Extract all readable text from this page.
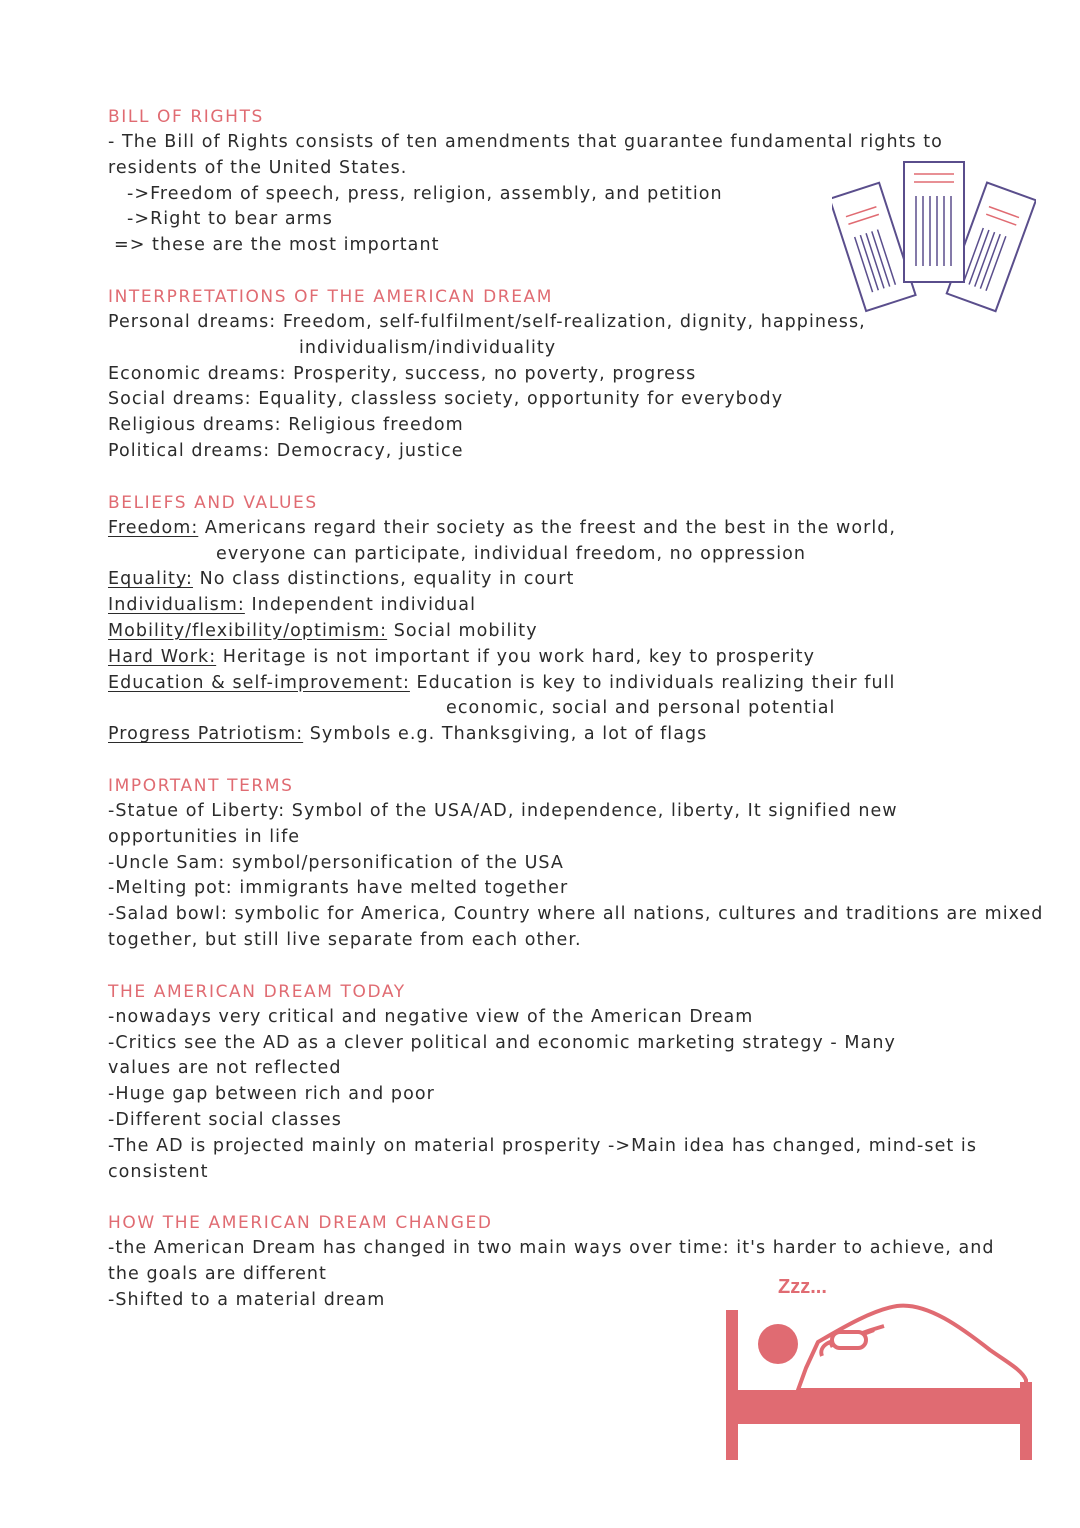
BILL OF RIGHTS
- The Bill of Rights consists of ten amendments that guarantee fundamental rights to residents of the United States.
->Freedom of speech, press, religion, assembly, and petition
->Right to bear arms
=> these are the most important
INTERPRETATIONS OF THE AMERICAN DREAM
Personal dreams: Freedom, self-fulfilment/self-realization, dignity, happiness,
individualism/individuality
Economic dreams: Prosperity, success, no poverty, progress
Social dreams: Equality, classless society, opportunity for everybody
Religious dreams: Religious freedom
Political dreams: Democracy, justice
BELIEFS AND VALUES
Freedom: Americans regard their society as the freest and the best in the world,
everyone can participate, individual freedom, no oppression
Equality: No class distinctions, equality in court
Individualism: Independent individual
Mobility/flexibility/optimism: Social mobility
Hard Work: Heritage is not important if you work hard, key to prosperity
Education & self-improvement: Education is key to individuals realizing their full
economic, social and personal potential
Progress Patriotism: Symbols e.g. Thanksgiving, a lot of flags
IMPORTANT TERMS
-Statue of Liberty: Symbol of the USA/AD, independence, liberty, It signified new opportunities in life
-Uncle Sam: symbol/personification of the USA
-Melting pot: immigrants have melted together
-Salad bowl: symbolic for America, Country where all nations, cultures and traditions are mixed together, but still live separate from each other.
THE AMERICAN DREAM TODAY
-nowadays very critical and negative view of the American Dream
-Critics see the AD as a clever political and economic marketing strategy - Many values are not reflected
-Huge gap between rich and poor
-Different social classes
-The AD is projected mainly on material prosperity ->Main idea has changed, mind-set is consistent
HOW THE AMERICAN DREAM CHANGED
-the American Dream has changed in two main ways over time: it's harder to achieve, and the goals are different
-Shifted to a material dream
Zzz...
